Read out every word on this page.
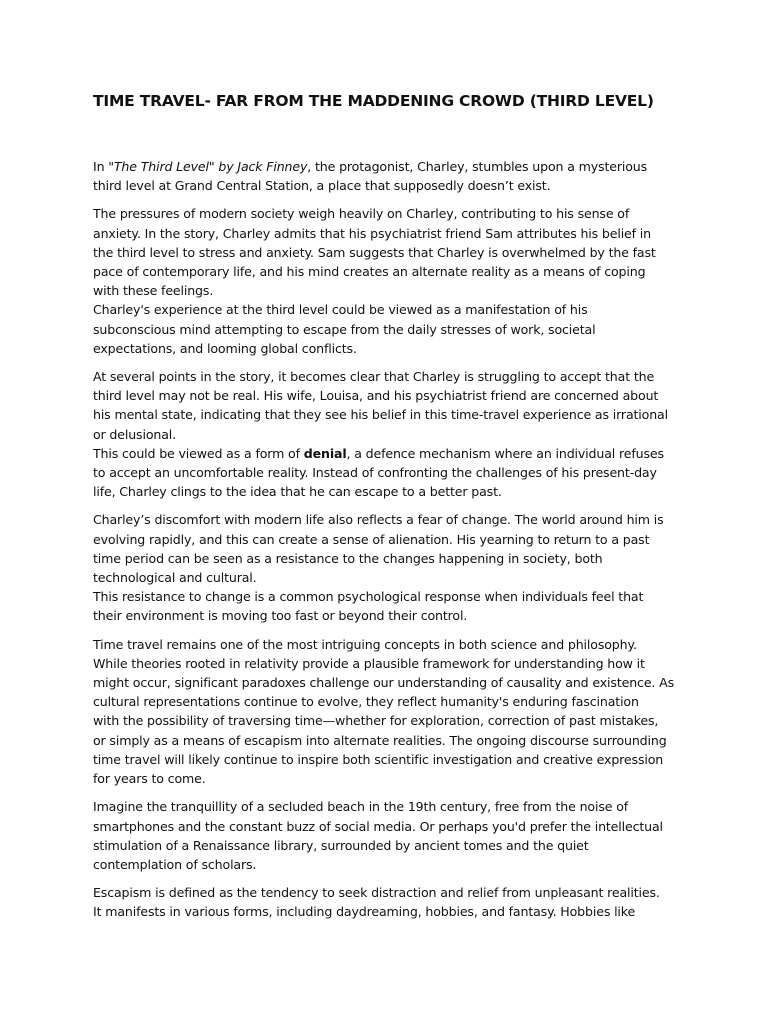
TIME TRAVEL- FAR FROM THE MADDENING CROWD (THIRD LEVEL)

In "The Third Level" by Jack Finney, the protagonist, Charley, stumbles upon a mysterious
third level at Grand Central Station, a place that supposedly doesn’t exist.

The pressures of modern society weigh heavily on Charley, contributing to his sense of
anxiety. In the story, Charley admits that his psychiatrist friend Sam attributes his belief in
the third level to stress and anxiety. Sam suggests that Charley is overwhelmed by the fast
pace of contemporary life, and his mind creates an alternate reality as a means of coping
with these feelings.
Charley's experience at the third level could be viewed as a manifestation of his
subconscious mind attempting to escape from the daily stresses of work, societal
expectations, and looming global conflicts.

At several points in the story, it becomes clear that Charley is struggling to accept that the
third level may not be real. His wife, Louisa, and his psychiatrist friend are concerned about
his mental state, indicating that they see his belief in this time-travel experience as irrational
or delusional.
This could be viewed as a form of denial, a defence mechanism where an individual refuses
to accept an uncomfortable reality. Instead of confronting the challenges of his present-day
life, Charley clings to the idea that he can escape to a better past.

Charley’s discomfort with modern life also reflects a fear of change. The world around him is
evolving rapidly, and this can create a sense of alienation. His yearning to return to a past
time period can be seen as a resistance to the changes happening in society, both
technological and cultural.
This resistance to change is a common psychological response when individuals feel that
their environment is moving too fast or beyond their control.

Time travel remains one of the most intriguing concepts in both science and philosophy.
While theories rooted in relativity provide a plausible framework for understanding how it
might occur, significant paradoxes challenge our understanding of causality and existence. As
cultural representations continue to evolve, they reflect humanity's enduring fascination
with the possibility of traversing time—whether for exploration, correction of past mistakes,
or simply as a means of escapism into alternate realities. The ongoing discourse surrounding
time travel will likely continue to inspire both scientific investigation and creative expression
for years to come.

Imagine the tranquillity of a secluded beach in the 19th century, free from the noise of
smartphones and the constant buzz of social media. Or perhaps you'd prefer the intellectual
stimulation of a Renaissance library, surrounded by ancient tomes and the quiet
contemplation of scholars.

Escapism is defined as the tendency to seek distraction and relief from unpleasant realities.
It manifests in various forms, including daydreaming, hobbies, and fantasy. Hobbies like
